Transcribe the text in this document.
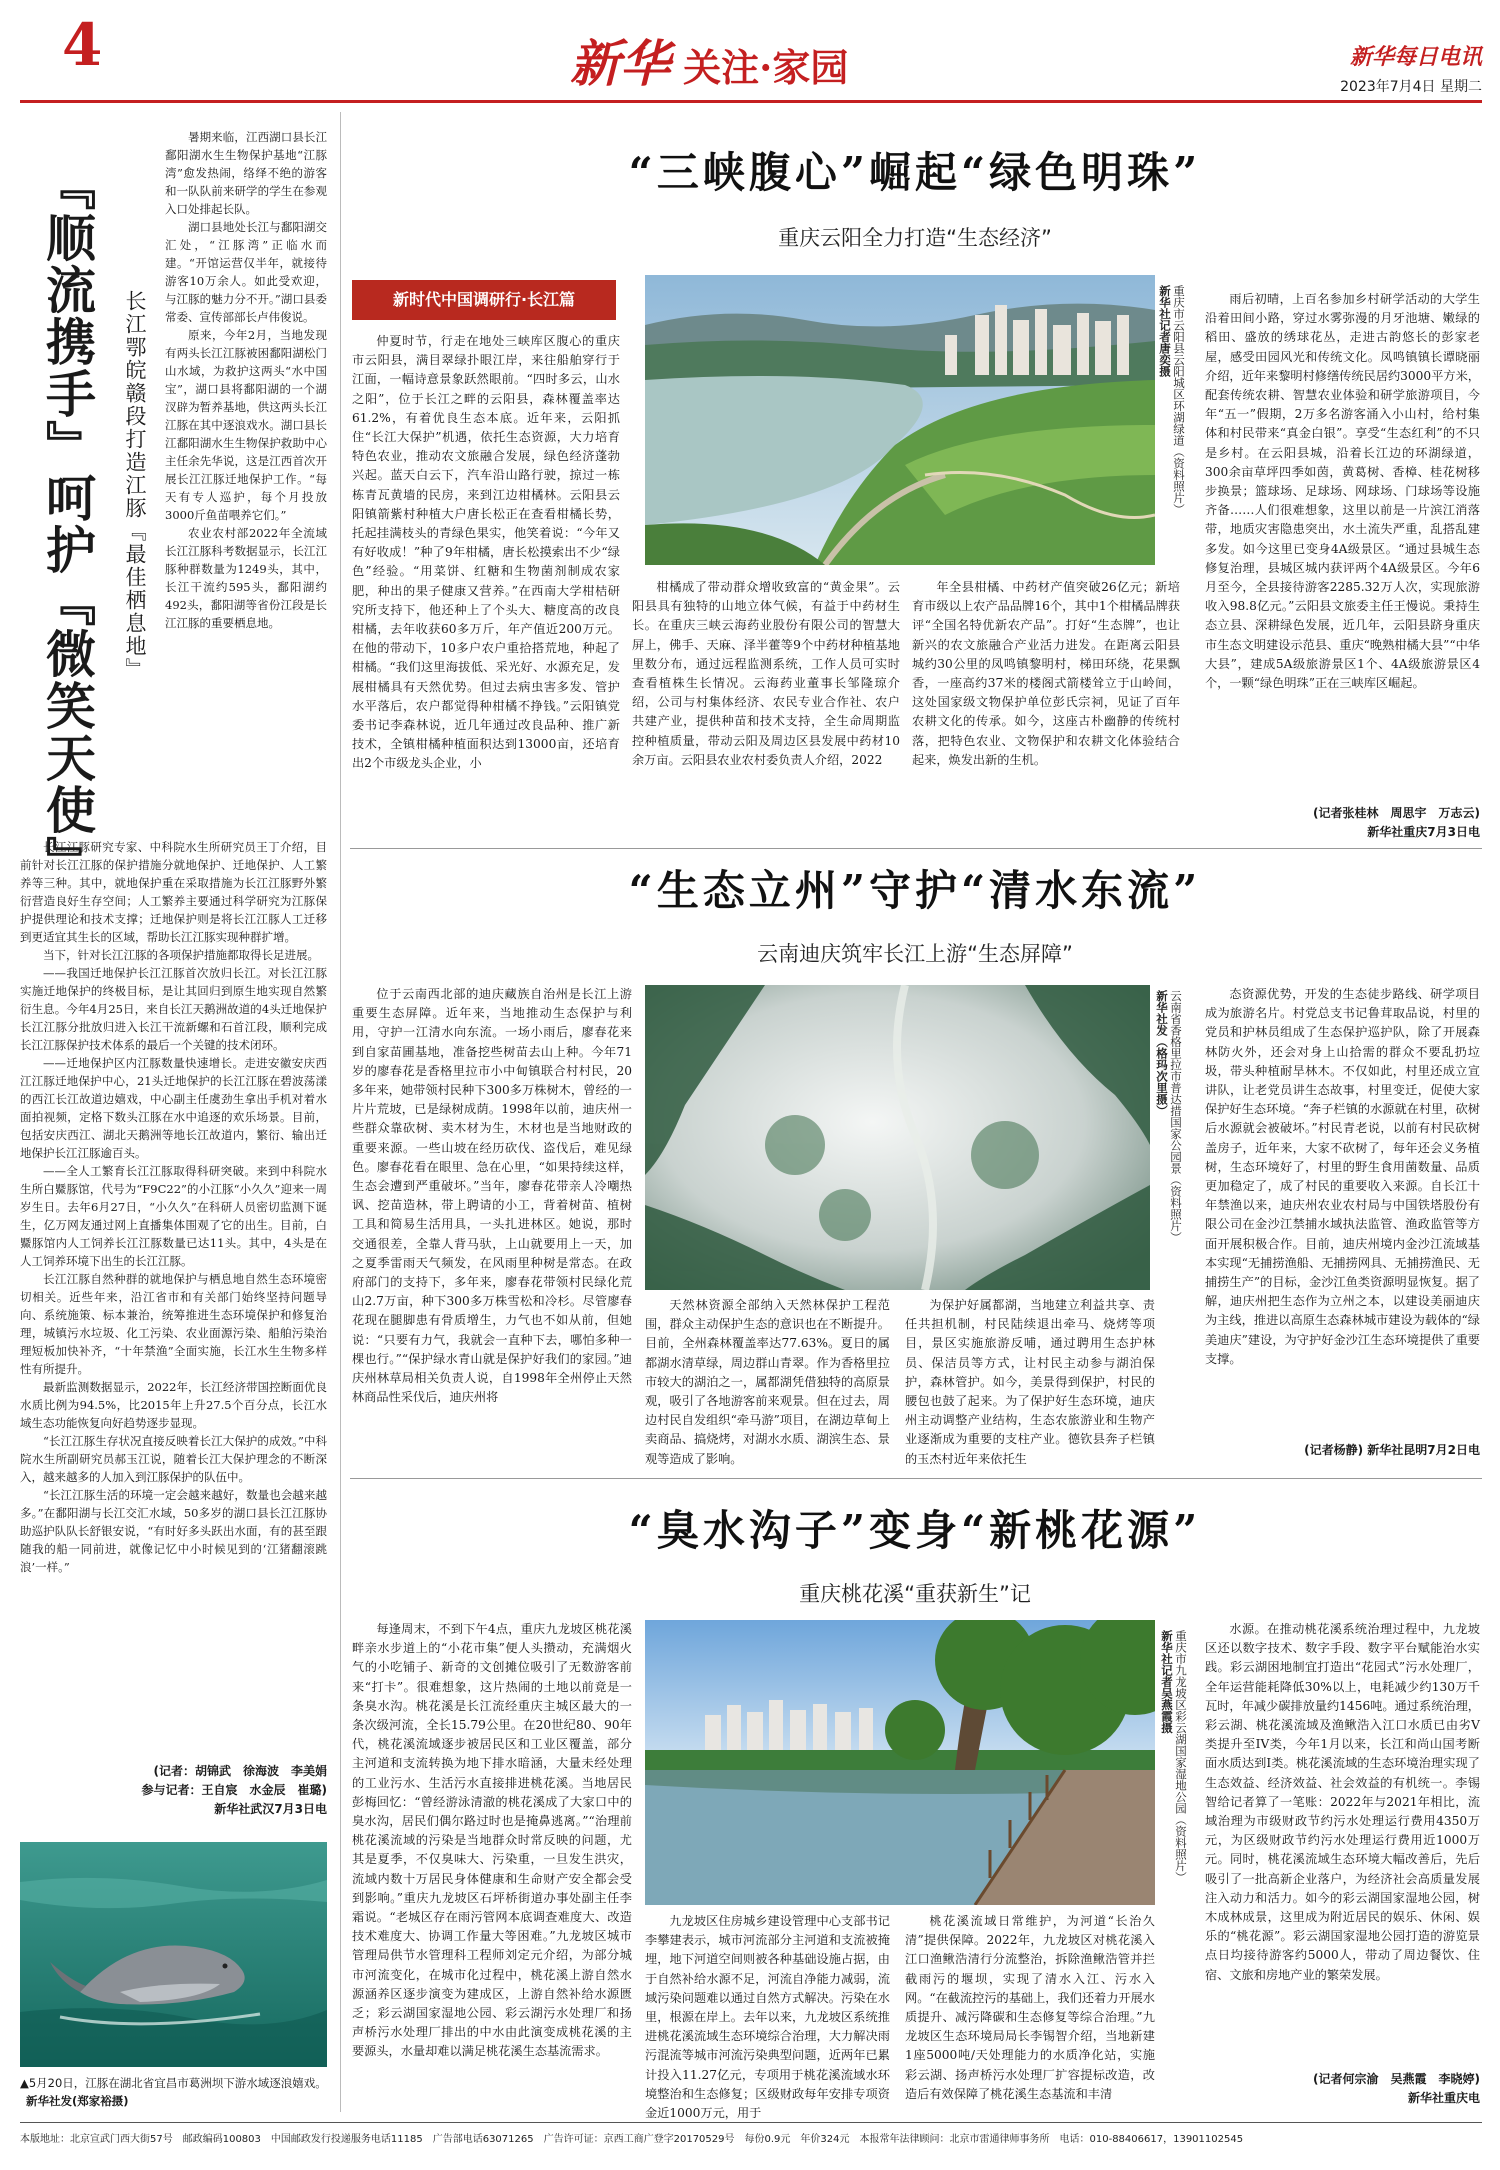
4	新华 关注·家园	新华每日电讯
2023年7月4日 星期二
『顺流携手』呵护『微笑天使』 长江鄂皖赣段打造江豚『最佳栖息地』

暑期来临，江西湖口县长江鄱阳湖水生生物保护基地“江豚湾”愈发热闹，络绎不绝的游客和一队队前来研学的学生在参观入口处排起长队。

湖口县地处长江与鄱阳湖交汇处，“江豚湾”正临水而建。“开馆运营仅半年，就接待游客10万余人。如此受欢迎，与江豚的魅力分不开。”湖口县委常委、宣传部部长卢伟俊说。

原来，今年2月，当地发现有两头长江江豚被困鄱阳湖松门山水域，为救护这两头“水中国宝”，湖口县将鄱阳湖的一个湖汊辟为暂养基地，供这两头长江江豚在其中逐浪戏水。湖口县长江鄱阳湖水生生物保护救助中心主任余先华说，这是江西首次开展长江江豚迁地保护工作。“每天有专人巡护，每个月投放3000斤鱼苗喂养它们。”

农业农村部2022年全流域长江江豚科考数据显示，长江江豚种群数量为1249头，其中，长江干流约595头，鄱阳湖约492头，鄱阳湖等省份江段是长江江豚的重要栖息地。

长江江豚研究专家、中科院水生所研究员王丁介绍，目前针对长江江豚的保护措施分就地保护、迁地保护、人工繁养等三种。其中，就地保护重在采取措施为长江江豚野外繁衍营造良好生存空间；人工繁养主要通过科学研究为江豚保护提供理论和技术支撑；迁地保护则是将长江江豚人工迁移到更适宜其生长的区域，帮助长江江豚实现种群扩增。

当下，针对长江江豚的各项保护措施都取得长足进展。

——我国迁地保护长江江豚首次放归长江。对长江江豚实施迁地保护的终极目标，是让其回归到原生地实现自然繁衍生息。今年4月25日，来自长江天鹅洲故道的4头迁地保护长江江豚分批放归进入长江干流新螺和石首江段，顺利完成长江江豚保护技术体系的最后一个关键的技术闭环。

——迁地保护区内江豚数量快速增长。走进安徽安庆西江江豚迁地保护中心，21头迁地保护的长江江豚在碧波荡漾的西江长江故道边嬉戏，中心副主任虞劲生拿出手机对着水面拍视频，定格下数头江豚在水中追逐的欢乐场景。目前，包括安庆西江、湖北天鹅洲等地长江故道内，繁衍、输出迁地保护长江江豚逾百头。

——全人工繁育长江江豚取得科研突破。来到中科院水生所白鱀豚馆，代号为“F9C22”的小江豚“小久久”迎来一周岁生日。去年6月27日，“小久久”在科研人员密切监测下诞生，亿万网友通过网上直播集体围观了它的出生。目前，白鱀豚馆内人工饲养长江江豚数量已达11头。其中，4头是在人工饲养环境下出生的长江江豚。

长江江豚自然种群的就地保护与栖息地自然生态环境密切相关。近些年来，沿江省市和有关部门始终坚持问题导向、系统施策、标本兼治，统筹推进生态环境保护和修复治理，城镇污水垃圾、化工污染、农业面源污染、船舶污染治理短板加快补齐，“十年禁渔”全面实施，长江水生生物多样性有所提升。

最新监测数据显示，2022年，长江经济带国控断面优良水质比例为94.5%，比2015年上升27.5个百分点，长江水域生态功能恢复向好趋势逐步显现。

“长江江豚生存状况直接反映着长江大保护的成效。”中科院水生所副研究员郝玉江说，随着长江大保护理念的不断深入，越来越多的人加入到江豚保护的队伍中。

“长江江豚生活的环境一定会越来越好，数量也会越来越多。”在鄱阳湖与长江交汇水域，50多岁的湖口县长江江豚协助巡护队队长舒银安说，“有时好多头跃出水面，有的甚至跟随我的船一同前进，就像记忆中小时候见到的‘江猪翻滚跳浪’一样。”

(记者：胡锦武　徐海波　李美娟
参与记者：王自宸　水金辰　崔璐)
新华社武汉7月3日电
▲5月20日，江豚在湖北省宜昌市葛洲坝下游水域逐浪嬉戏。 新华社发(郑家裕摄)
“三峡腹心”崛起“绿色明珠”
重庆云阳全力打造“生态经济”
新时代中国调研行·长江篇	重庆市云阳县云阳城区环湖绿道（资料照片）
新华社记者唐奕摄
仲夏时节，行走在地处三峡库区腹心的重庆市云阳县，满目翠绿扑眼江岸，来往船舶穿行于江面，一幅诗意景象跃然眼前。“四时多云，山水之阳”，位于长江之畔的云阳县，森林覆盖率达61.2%，有着优良生态本底。近年来，云阳抓住“长江大保护”机遇，依托生态资源，大力培育特色农业，推动农文旅融合发展，绿色经济蓬勃兴起。蓝天白云下，汽车沿山路行驶，掠过一栋栋青瓦黄墙的民房，来到江边柑橘林。云阳县云阳镇箭紫村种植大户唐长松正在查看柑橘长势，托起挂满枝头的青绿色果实，他笑着说：“今年又有好收成！”种了9年柑橘，唐长松摸索出不少“绿色”经验。“用菜饼、红糖和生物菌剂制成农家肥，种出的果子健康又营养。”在西南大学柑桔研究所支持下，他还种上了个头大、糖度高的改良柑橘，去年收获60多万斤，年产值近200万元。在他的带动下，10多户农户重拾搭荒地，种起了柑橘。“我们这里海拔低、采光好、水源充足，发展柑橘具有天然优势。但过去病虫害多发、管护水平落后，农户都觉得种柑橘不挣钱。”云阳镇党委书记李森林说，近几年通过改良品种、推广新技术，全镇柑橘种植面积达到13000亩，还培育出2个市级龙头企业，小
柑橘成了带动群众增收致富的“黄金果”。云阳县具有独特的山地立体气候，有益于中药材生长。在重庆三峡云海药业股份有限公司的智慧大屏上，佛手、天麻、泽半藿等9个中药材种植基地里数分布，通过远程监测系统，工作人员可实时查看植株生长情况。云海药业董事长邹隆琼介绍，公司与村集体经济、农民专业合作社、农户共建产业，提供种苗和技术支持，全生命周期监控种植质量，带动云阳及周边区县发展中药材10余万亩。云阳县农业农村委负责人介绍，2022
年全县柑橘、中药材产值突破26亿元；新培育市级以上农产品品牌16个，其中1个柑橘品牌获评“全国名特优新农产品”。打好“生态牌”，也让新兴的农文旅融合产业活力进发。在距离云阳县城约30公里的凤鸣镇黎明村，梯田环绕，花果飘香，一座高约37米的楼阁式箭楼耸立于山岭间，这处国家级文物保护单位彭氏宗祠，见证了百年农耕文化的传承。如今，这座古朴幽静的传统村落，把特色农业、文物保护和农耕文化体验结合起来，焕发出新的生机。
雨后初晴，上百名参加乡村研学活动的大学生沿着田间小路，穿过水雾弥漫的月牙池塘、嫩绿的稻田、盛放的绣球花丛，走进古韵悠长的彭家老屋，感受田园风光和传统文化。凤鸣镇镇长谭晓丽介绍，近年来黎明村修缮传统民居约3000平方米，配套传统农耕、智慧农业体验和研学旅游项目，今年“五一”假期，2万多名游客涌入小山村，给村集体和村民带来“真金白银”。享受“生态红利”的不只是乡村。在云阳县城，沿着长江边的环湖绿道，300余亩草坪四季如茵，黄葛树、香樟、桂花树移步换景；篮球场、足球场、网球场、门球场等设施齐备……人们很难想象，这里以前是一片滨江消落带，地质灾害隐患突出，水土流失严重，乱搭乱建多发。如今这里已变身4A级景区。“通过县城生态修复治理，县城区城内获评两个4A级景区。今年6月至今，全县接待游客2285.32万人次，实现旅游收入98.8亿元。”云阳县文旅委主任王慢说。秉持生态立县、深耕绿色发展，近几年，云阳县跻身重庆市生态文明建设示范县、重庆“晚熟柑橘大县”“中华大县”，建成5A级旅游景区1个、4A级旅游景区4个，一颗“绿色明珠”正在三峡库区崛起。
(记者张桂林　周思宇　万志云)
新华社重庆7月3日电
“生态立州”守护“清水东流”
云南迪庆筑牢长江上游“生态屏障”
云南省香格里拉市普达措国家公园景（资料照片）
新华社发（格玛次里摄）
位于云南西北部的迪庆藏族自治州是长江上游重要生态屏障。近年来，当地推动生态保护与利用，守护一江清水向东流。一场小雨后，廖春花来到自家苗圃基地，准备挖些树苗去山上种。今年71岁的廖春花是香格里拉市小中甸镇联合村村民，20多年来，她带领村民种下300多万株树木，曾经的一片片荒坡，已是绿树成荫。1998年以前，迪庆州一些群众靠砍树、卖木材为生，木材也是当地财政的重要来源。一些山坡在经历砍伐、盗伐后，难见绿色。廖春花看在眼里、急在心里，“如果持续这样，生态会遭到严重破坏。”当年，廖春花带亲人冷嘲热讽、挖苗造林，带上聘请的小工，背着树苗、植树工具和简易生活用具，一头扎进林区。她说，那时交通很差，全靠人背马驮，上山就要用上一天，加之夏季雷雨天气频发，在风雨里种树是常态。在政府部门的支持下，多年来，廖春花带领村民绿化荒山2.7万亩，种下300多万株雪松和冷杉。尽管廖春花现在腿脚患有骨质增生，力气也不如从前，但她说：“只要有力气，我就会一直种下去，哪怕多种一棵也行。”“保护绿水青山就是保护好我们的家园。”迪庆州林草局相关负责人说，自1998年全州停止天然林商品性采伐后，迪庆州将
天然林资源全部纳入天然林保护工程范围，群众主动保护生态的意识也在不断提升。目前，全州森林覆盖率达77.63%。夏日的属都湖水清草绿，周边群山青翠。作为香格里拉市较大的湖泊之一，属都湖凭借独特的高原景观，吸引了各地游客前来观景。但在过去，周边村民自发组织“牵马游”项目，在湖边草甸上卖商品、搞烧烤，对湖水水质、湖滨生态、景观等造成了影响。
为保护好属都湖，当地建立利益共享、责任共担机制，村民陆续退出牵马、烧烤等项目，景区实施旅游反哺，通过聘用生态护林员、保洁员等方式，让村民主动参与湖泊保护，森林管护。如今，美景得到保护，村民的腰包也鼓了起来。为了保护好生态环境，迪庆州主动调整产业结构，生态农旅游业和生物产业逐渐成为重要的支柱产业。德钦县奔子栏镇的玉杰村近年来依托生
态资源优势，开发的生态徒步路线、研学项目成为旅游名片。村党总支书记鲁茸取品说，村里的党员和护林员组成了生态保护巡护队，除了开展森林防火外，还会对身上山拾需的群众不要乱扔垃圾，带头种植耐旱林木。不仅如此，村里还成立宣讲队，让老党员讲生态故事，村里变迁，促使大家保护好生态环境。“奔子栏镇的水源就在村里，砍树后水源就会被破坏。”村民青老说，以前有村民砍树盖房子，近年来，大家不砍树了，每年还会义务植树，生态环境好了，村里的野生食用菌数量、品质更加稳定了，成了村民的重要收入来源。自长江十年禁渔以来，迪庆州农业农村局与中国铁塔股份有限公司在金沙江禁捕水域执法监管、渔政监管等方面开展积极合作。目前，迪庆州境内金沙江流域基本实现“无捕捞渔船、无捕捞网具、无捕捞渔民、无捕捞生产”的目标，金沙江鱼类资源明显恢复。据了解，迪庆州把生态作为立州之本，以建设美丽迪庆为主线，推进以高原生态森林城市建设为载体的“绿美迪庆”建设，为守护好金沙江生态环境提供了重要支撑。
(记者杨静) 新华社昆明7月2日电
“臭水沟子”变身“新桃花源”
重庆桃花溪“重获新生”记
重庆市九龙坡区彩云湖国家湿地公园（资料照片）
新华社记者吴燕霞摄
每逢周末，不到下午4点，重庆九龙坡区桃花溪畔亲水步道上的“小花市集”便人头攒动，充满烟火气的小吃铺子、新奇的文创摊位吸引了无数游客前来“打卡”。很难想象，这片热闹的土地以前竟是一条臭水沟。桃花溪是长江流经重庆主城区最大的一条次级河流，全长15.79公里。在20世纪80、90年代，桃花溪流域逐步被居民区和工业区覆盖，部分主河道和支流转换为地下排水暗涵，大量未经处理的工业污水、生活污水直接排进桃花溪。当地居民彭梅回忆：“曾经游泳清澈的桃花溪成了大家口中的臭水沟，居民们偶尔路过时也是掩鼻逃离。”“治理前桃花溪流域的污染是当地群众时常反映的问题，尤其是夏季，不仅臭味大、污染重，一旦发生洪灾，流域内数十万居民身体健康和生命财产安全都会受到影响。”重庆九龙坡区石坪桥街道办事处副主任李霜说。“老城区存在雨污管网本底调查难度大、改造技术难度大、协调工作量大等困难。”九龙坡区城市管理局供节水管理科工程师刘定元介绍，为部分城市河流变化，在城市化过程中，桃花溪上游自然水源涵养区逐步演变为建成区，上游自然补给水源匮乏；彩云湖国家湿地公园、彩云湖污水处理厂和扬声桥污水处理厂排出的中水由此演变成桃花溪的主要源头，水量却难以满足桃花溪生态基流需求。
九龙坡区住房城乡建设管理中心支部书记李攀建表示，城市河流部分主河道和支流被掩埋，地下河道空间则被各种基础设施占据，由于自然补给水源不足，河流自净能力减弱，流域污染问题难以通过自然方式解决。污染在水里，根源在岸上。去年以来，九龙坡区系统推进桃花溪流域生态环境综合治理，大力解决雨污混流等城市河流污染典型问题，近两年已累计投入11.27亿元，专项用于桃花溪流域水环境整治和生态修复；区级财政每年安排专项资金近1000万元，用于
桃花溪流域日常维护，为河道“长治久清”提供保障。2022年，九龙坡区对桃花溪入江口渔鳅浩清行分流整治，拆除渔鳅浩管并拦截雨污的堰坝，实现了清水入江、污水入网。“在截流控污的基础上，我们还着力开展水质提升、减污降碳和生态修复等综合治理。”九龙坡区生态环境局局长李锡智介绍，当地新建1座5000吨/天处理能力的水质净化站，实施彩云湖、扬声桥污水处理厂扩容提标改造，改造后有效保障了桃花溪生态基流和丰清
水源。在推动桃花溪系统治理过程中，九龙坡区还以数字技术、数字手段、数字平台赋能治水实践。彩云湖困地制宜打造出“花园式”污水处理厂，全年运营能耗降低30%以上，电耗减少约130万千瓦时，年减少碳排放量约1456吨。通过系统治理，彩云湖、桃花溪流域及渔鳅浩入江口水质已由劣V类提升至IV类，今年1月以来，长江和尚山国考断面水质达到Ⅰ类。桃花溪流域的生态环境治理实现了生态效益、经济效益、社会效益的有机统一。李锡智给记者算了一笔账：2022年与2021年相比，流域治理为市级财政节约污水处理运行费用4350万元，为区级财政节约污水处理运行费用近1000万元。同时，桃花溪流域生态环境大幅改善后，先后吸引了一批高新企业落户，为经济社会高质量发展注入动力和活力。如今的彩云湖国家湿地公园，树木成林成景，这里成为附近居民的娱乐、休闲、娱乐的“桃花源”。彩云湖国家湿地公园打造的游览景点日均接待游客约5000人，带动了周边餐饮、住宿、文旅和房地产业的繁荣发展。
(记者何宗渝　吴燕霞　李晓婷)
新华社重庆电
本版地址：北京宣武门西大街57号　邮政编码100803　中国邮政发行投递服务电话11185　广告部电话63071265　广告许可证：京西工商广登字20170529号　每份0.9元　年价324元　本报常年法律顾问：北京市雷通律师事务所　电话：010-88406617，13901102545
